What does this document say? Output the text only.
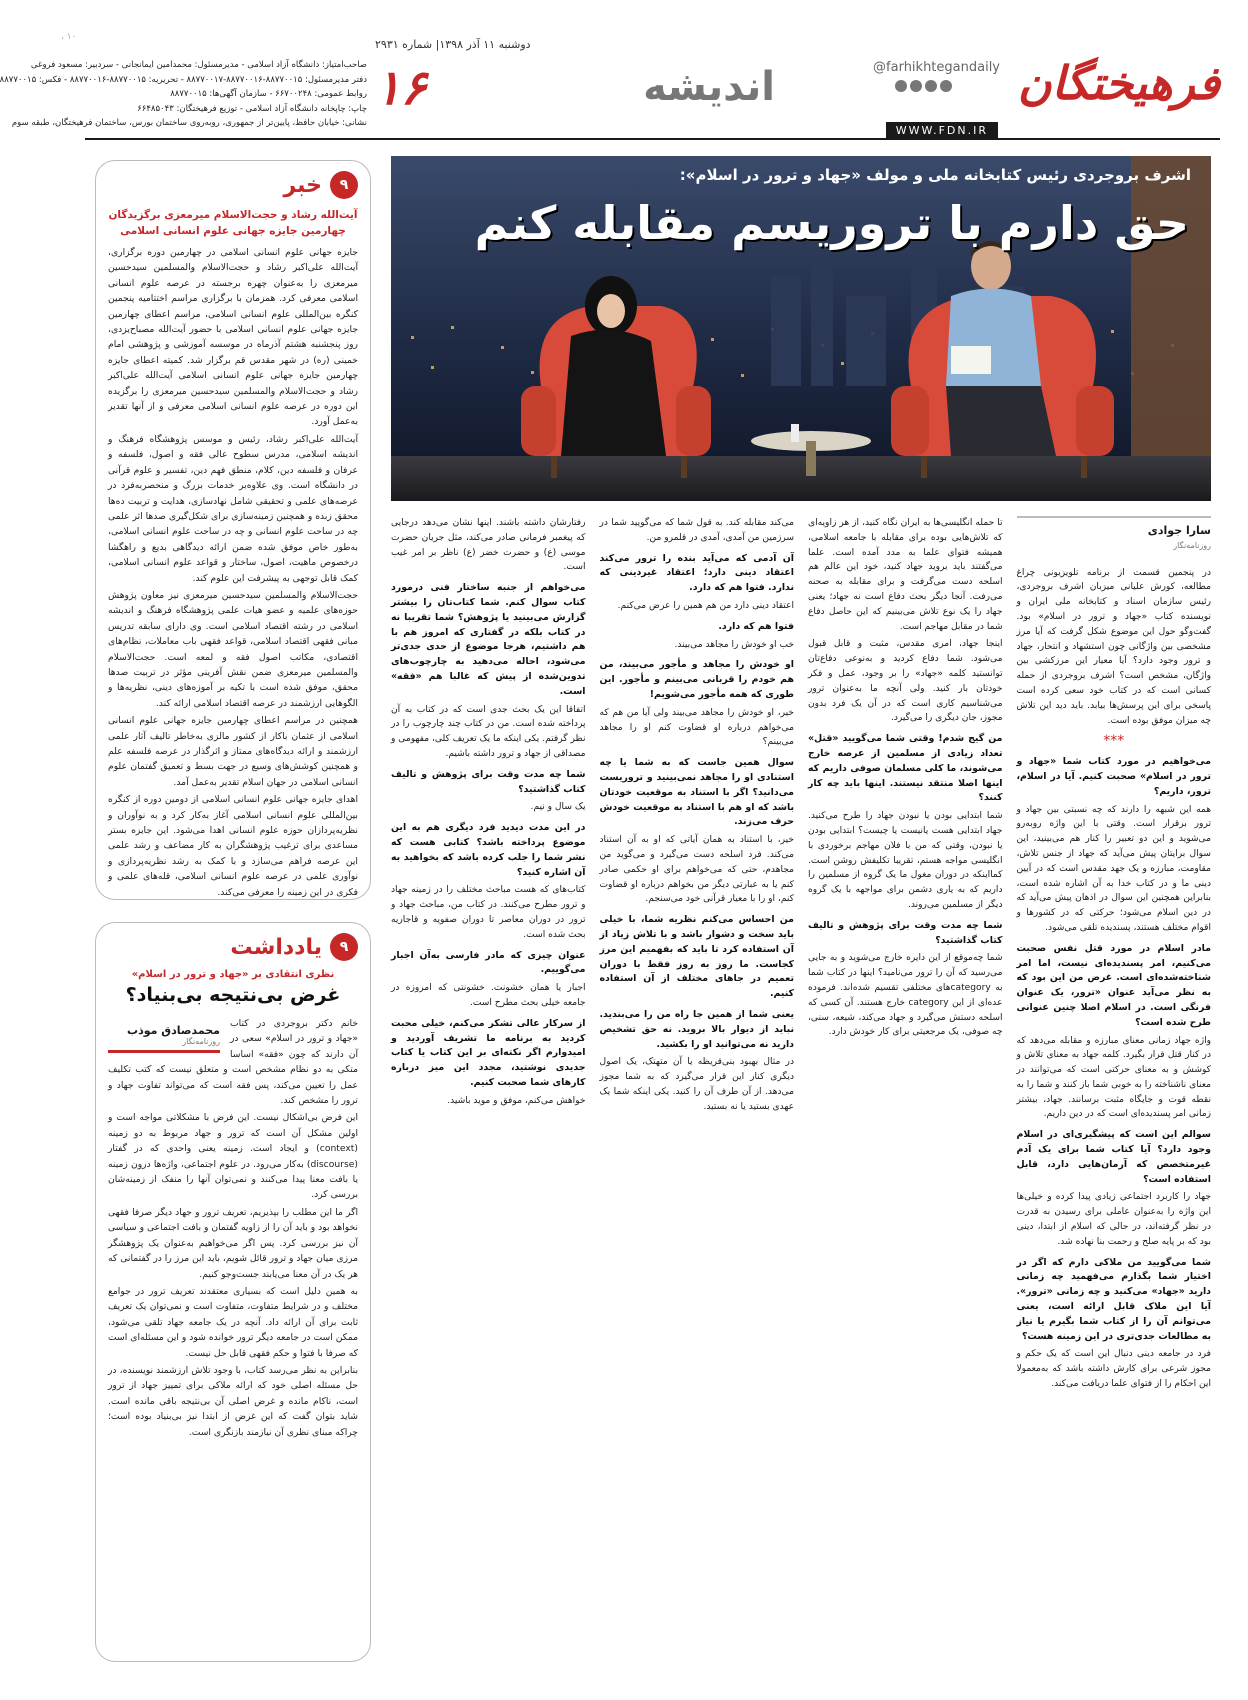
فرهیختگان
@farhikhtegandaily
WWW.FDN.IR
اندیشه
دوشنبه ۱۱ آذر ۱۳۹۸| شماره ۲۹۳۱
۱۶

صاحب‌امتیاز: دانشگاه آزاد اسلامی - مدیرمسئول: محمدامین ایمانجانی - سردبیر: مسعود فروغی

دفتر مدیرمسئول: ۸۸۷۷۰۰۱۵-۸۸۷۷۰۰۱۶-۸۸۷۷۰۰۱۷ - تحریریه: ۸۸۷۷۰۰۱۵-۸۸۷۷۰۰۱۶ - فکس: ۸۸۷۷۰۰۱۵

روابط عمومی: ۶۶۷۰۰۲۴۸ - سازمان آگهی‌ها: ۸۸۷۷۰۰۱۵

چاپ: چاپخانه دانشگاه آزاد اسلامی - توزیع فرهیختگان: ۶۶۴۸۵۰۴۳

نشانی: خیابان حافظ، پایین‌تر از جمهوری، روبه‌روی ساختمان بورس، ساختمان فرهیختگان، طبقه سوم

۱۰ ،
۹
خبر
آیت‌الله رشاد و حجت‌الاسلام میرمعزی برگزیدگان چهارمین جایزه جهانی علوم انسانی اسلامی

جایزه جهانی علوم انسانی اسلامی در چهارمین دوره برگزاری، آیت‌الله علی‌اکبر رشاد و حجت‌الاسلام والمسلمین سیدحسین میرمعزی را به‌عنوان چهره برجسته در عرصه علوم انسانی اسلامی معرفی کرد. همزمان با برگزاری مراسم اختتامیه پنجمین کنگره بین‌المللی علوم انسانی اسلامی، مراسم اعطای چهارمین جایزه جهانی علوم انسانی اسلامی با حضور آیت‌الله مصباح‌یزدی، روز پنجشنبه هشتم آذرماه در موسسه آموزشی و پژوهشی امام خمینی (ره) در شهر مقدس قم برگزار شد. کمیته اعطای جایزه چهارمین جایزه جهانی علوم انسانی اسلامی آیت‌الله علی‌اکبر رشاد و حجت‌الاسلام والمسلمین سیدحسین میرمعزی را برگزیده این دوره در عرصه علوم انسانی اسلامی معرفی و از آنها تقدیر به‌عمل آورد.

آیت‌الله علی‌اکبر رشاد، رئیس و موسس پژوهشگاه فرهنگ و اندیشه اسلامی، مدرس سطوح عالی فقه و اصول، فلسفه و عرفان و فلسفه دین، کلام، منطق فهم دین، تفسیر و علوم قرآنی در دانشگاه است. وی علاوه‌بر خدمات بزرگ و منحصربه‌فرد در عرصه‌های علمی و تحقیقی شامل نهادسازی، هدایت و تربیت ده‌ها محقق زبده و همچنین زمینه‌سازی برای شکل‌گیری صدها اثر علمی چه در ساحت علوم انسانی و چه در ساحت علوم انسانی اسلامی، به‌طور خاص موفق شده ضمن ارائه دیدگاهی بدیع و راهگشا درخصوص ماهیت، اصول، ساختار و قواعد علوم انسانی اسلامی، کمک قابل توجهی به پیشرفت این علوم کند.

حجت‌الاسلام والمسلمین سیدحسین میرمعزی نیز معاون پژوهش حوزه‌های علمیه و عضو هیات علمی پژوهشگاه فرهنگ و اندیشه اسلامی در رشته اقتصاد اسلامی است. وی دارای سابقه تدریس مبانی فقهی اقتصاد اسلامی، قواعد فقهی باب معاملات، نظام‌های اقتصادی، مکاتب اصول فقه و لمعه است. حجت‌الاسلام والمسلمین میرمعزی ضمن نقش آفرینی مؤثر در تربیت صدها محقق، موفق شده است با تکیه بر آموزه‌های دینی، نظریه‌ها و الگوهایی ارزشمند در عرصه اقتصاد اسلامی ارائه کند.

همچنین در مراسم اعطای چهارمین جایزه جهانی علوم انسانی اسلامی از عثمان باکار از کشور مالزی به‌خاطر تالیف آثار علمی ارزشمند و ارائه دیدگاه‌های ممتاز و اثرگذار در عرصه فلسفه علم و همچنین کوشش‌های وسیع در جهت بسط و تعمیق گفتمان علوم انسانی اسلامی در جهان اسلام تقدیر به‌عمل آمد.

اهدای جایزه جهانی علوم انسانی اسلامی از دومین دوره از کنگره بین‌المللی علوم انسانی اسلامی آغاز به‌کار کرد و به نوآوران و نظریه‌پردازان حوزه علوم انسانی اهدا می‌شود. این جایزه بستر مساعدی برای ترغیب پژوهشگران به کار مضاعف و رشد علمی این عرصه فراهم می‌سازد و با کمک به رشد نظریه‌پردازی و نوآوری علمی در عرصه علوم انسانی اسلامی، قله‌های علمی و فکری در این زمینه را معرفی می‌کند.

۹
یادداشت
نظری انتقادی بر «جهاد و ترور در اسلام»
غرض بی‌نتیجه بی‌بنیاد؟
محمدصادق موذب
روزنامه‌نگار

خانم دکتر بروجردی در کتاب «جهاد و ترور در اسلام» سعی در آن‌ دارند که چون «فقه» اساسا متکی به دو نظام مشخص است و متعلق نیست که کتب تکلیف عمل را تعیین می‌کند، پس فقه است که می‌تواند تفاوت جهاد و ترور را مشخص کند.

این فرض بی‌اشکال نیست. این فرض با مشکلاتی مواجه است و اولین مشکل آن است که ترور و جهاد مربوط به دو زمینه (context) و ایجاد است. زمینه یعنی واحدی که در گفتار (discourse) به‌کار می‌رود. در علوم اجتماعی، واژه‌ها درون زمینه یا بافت معنا پیدا می‌کنند و نمی‌توان آنها را منفک از زمینه‌شان بررسی کرد.

اگر ما این مطلب را بپذیریم، تعریف ترور و جهاد دیگر صرفا فقهی نخواهد بود و باید آن را از زاویه گفتمان و بافت اجتماعی و سیاسی آن نیز بررسی کرد. پس اگر می‌خواهیم به‌عنوان یک پژوهشگر مرزی میان جهاد و ترور قائل شویم، باید این مرز را در گفتمانی که هر یک در آن معنا می‌یابند جست‌وجو کنیم.

به همین دلیل است که بسیاری معتقدند تعریف ترور در جوامع مختلف و در شرایط متفاوت، متفاوت است و نمی‌توان یک تعریف ثابت برای آن ارائه داد. آنچه در یک جامعه جهاد تلقی می‌شود، ممکن است در جامعه دیگر ترور خوانده شود و این مسئله‌ای است که صرفا با فتوا و حکم فقهی قابل حل نیست.

بنابراین به نظر می‌رسد کتاب، با وجود تلاش ارزشمند نویسنده، در حل مسئله اصلی خود که ارائه ملاکی برای تمییز جهاد از ترور است، ناکام مانده و غرض اصلی آن بی‌نتیجه باقی مانده است. شاید بتوان گفت که این غرض از ابتدا نیز بی‌بنیاد بوده است؛ چراکه مبنای نظری آن نیازمند بازنگری است.

اشرف بروجردی رئیس کتابخانه ملی و مولف «جهاد و ترور در اسلام»:
حق دارم با تروریسم مقابله کنم
سارا جوادی
روزنامه‌نگار

در پنجمین قسمت از برنامه تلویزیونی چراغ مطالعه، کورش علیانی میزبان اشرف بروجردی، رئیس سازمان اسناد و کتابخانه ملی ایران و نویسنده کتاب «جهاد و ترور در اسلام» بود. گفت‌وگو حول این موضوع شکل گرفت که آیا مرز مشخصی بین واژگانی چون استشهاد و انتحار، جهاد و ترور وجود دارد؟ آیا معیار این مرزکشی بین واژگان، مشخص است؟ اشرف بروجردی از حمله کسانی است که در کتاب خود سعی کرده است پاسخی برای این پرسش‌ها بیابد. باید دید این تلاش چه میزان موفق بوده است.

***

می‌خواهیم در مورد کتاب شما «جهاد و ترور در اسلام» صحبت کنیم. آیا در اسلام، ترور، داریم؟

همه این شبهه را دارند که چه نسبتی بین جهاد و ترور برقرار است. وقتی با این واژه روبه‌رو می‌شوید و این دو تعبیر را کنار هم می‌بینید، این سوال برایتان پیش می‌آید که جهاد از جنس تلاش، مقاومت، مبارزه و یک جهد مقدس است که در آیین دینی ما و در کتاب خدا به آن اشاره شده است، بنابراین همچنین این سوال در اذهان پیش می‌آید که در دین اسلام می‌شود؛ حرکتی که در کشورها و اقوام مختلف هستند، پسندیده تلقی می‌شود.

مادر اسلام در مورد قتل نفس صحبت می‌کنیم، امر پسندیده‌ای نیست، اما امر شناخته‌شده‌ای است. غرض من این بود که به نظر می‌آید عنوان «ترور، یک عنوان فرنگی است. در اسلام اصلا چنین عنوانی طرح شده است؟

واژه جهاد زمانی معنای مبارزه و مقابله می‌دهد که در کنار قتل قرار بگیرد. کلمه جهاد به معنای تلاش و کوشش و به معنای حرکتی است که می‌توانند در معنای ناشناخته را به خوبی شما باز کنند و شما را به نقطه قوت و جایگاه مثبت برسانند. جهاد، بیشتر زمانی امر پسندیده‌ای است که در دین داریم.

سوالم این است که پیشگیری‌ای در اسلام وجود دارد؟ آیا کتاب شما برای یک آدم غیرمتخصص که آرمان‌هایی دارد، قابل استفاده است؟

جهاد را کاربرد اجتماعی زیادی پیدا کرده و خیلی‌ها این واژه را به‌عنوان عاملی برای رسیدن به قدرت در نظر گرفته‌اند، در حالی که اسلام از ابتدا، دینی بود که بر پایه صلح و رحمت بنا نهاده شد.

شما می‌گویید من ملاکی دارم که اگر در اختیار شما بگذارم می‌فهمید چه زمانی دارید «جهاد» می‌کنید و چه زمانی «ترور». آیا این ملاک قابل ارائه است، یعنی می‌توانم آن را از کتاب شما بگیرم یا نیاز به مطالعات جدی‌تری در این زمینه هست؟

فرد در جامعه دینی دنبال این است که یک حکم و مجوز شرعی برای کارش داشته باشد که به‌معمولا این احکام را از فتوای علما دریافت می‌کند.

تا حمله انگلیسی‌ها به ایران نگاه کنید، از هر زاویه‌ای که تلاش‌هایی بوده برای مقابله با جامعه اسلامی، همیشه فتوای علما به مدد آمده است. علما می‌گفتند باید بروید جهاد کنید، خود این عالم هم اسلحه دست می‌گرفت و برای مقابله به صحنه می‌رفت. آنجا دیگر بحث دفاع است نه جهاد؛ یعنی جهاد را یک نوع تلاش می‌بینیم که این حاصل دفاع شما در مقابل مهاجم است.

اینجا جهاد، امری مقدس، مثبت و قابل قبول می‌شود. شما دفاع کردید و به‌نوعی دفاع‌تان توانستید کلمه «جهاد» را بر وجود، عمل و فکر خودتان بار کنید. ولی آنچه ما به‌عنوان ترور می‌شناسیم کاری است که در آن یک فرد بدون مجوز، جان دیگری را می‌گیرد.

من گیج شدم! وقتی شما می‌گویید «قتل» تعداد زیادی از مسلمین از عرصه خارج می‌شوند، ما کلی مسلمان صوفی داریم که اینها اصلا منتقد نیستند. اینها باید چه کار کنند؟

شما ابتدایی بودن یا نبودن جهاد را طرح می‌کنید. جهاد ابتدایی هست یانیست یا چیست؟ ابتدایی بودن یا نبودن، وقتی که من با فلان مهاجم برخوردی با انگلیسی مواجه هستم، تقریبا تکلیفش روشن است. کما‌اینکه در دوران مغول ما یک گروه از مسلمین را داریم که به یاری دشمن برای مواجهه با یک گروه دیگر از مسلمین می‌روند.

شما چه مدت وقت برای پژوهش و تالیف کتاب گذاشتید؟

شما چه‌موقع از این دایره خارج می‌شوید و به جایی می‌رسید که آن را ترور می‌نامید؟ اینها در کتاب شما به category‌های مختلفی تقسیم شده‌اند. فرموده عده‌ای از این category خارج هستند. آن کسی که اسلحه دستش می‌گیرد و جهاد می‌کند، شیعه، سنی، چه صوفی، یک مرجعیتی برای کار خودش دارد.

می‌کند مقابله کند. به قول شما که می‌گویید شما در سرزمین من آمدی، آمدی در قلمرو من.

آن آدمی که می‌آید بنده را ترور می‌کند اعتقاد دینی دارد؛ اعتقاد غیردینی که ندارد. فتوا هم که دارد.

اعتقاد دینی دارد من هم همین را عرض می‌کنم.

فتوا هم که دارد.

خب او خودش را مجاهد می‌بیند.

او خودش را مجاهد و مأجور می‌بیند، من هم خودم را قربانی می‌بینم و مأجور. این طوری که همه مأجور می‌شویم!

خیر، او خودش را مجاهد می‌بیند ولی آیا من هم که می‌خواهم درباره او قضاوت کنم او را مجاهد می‌بینم؟

سوال همین جاست که به شما یا چه استنادی او را مجاهد نمی‌بینید و تروریست می‌دانید؟ اگر با استناد به موقعیت خودتان باشد که او هم با استناد به موقعیت خودش حرف می‌زند.

خیر، با استناد به همان آیاتی که او به آن استناد می‌کند. فرد اسلحه دست می‌گیرد و می‌گوید من مجاهدم، حتی که می‌خواهم برای او حکمی صادر کنم یا به عبارتی دیگر من بخواهم درباره او قضاوت کنم، او را با معیار قرآنی خود می‌سنجم.

من احساس می‌کنم نظریه شما، با خیلی باید سخت و دشوار باشد و با تلاش زیاد از آن استفاده کرد تا باید که بفهمیم این مرز کجاست. ما روز به روز فقط با دوران تعمیم در جاهای مختلف از آن استفاده کنیم.

یعنی شما از همین جا راه من را می‌بندید. نباید از دیوار بالا بروید. نه حق تشخیص دارید نه می‌توانید او را بکشید.

در مثال بهبود بنی‌قریظه یا آن متهتک، یک اصول دیگری کنار این قرار می‌گیرد که به شما مجوز می‌دهد. از آن طرف آن را کنید. یکی اینکه شما یک عهدی بستید یا نه بستید.

رفتارشان داشته باشند. اینها نشان می‌دهد درجایی که پیغمبر فرمانی صادر می‌کند، مثل جریان حضرت موسی (ع) و حضرت خضر (ع) ناظر بر امر غیب است.

می‌خواهم از جنبه ساختار فنی درمورد کتاب سوال کنم. شما کتاب‌تان را بیشتر گزارش می‌بینید یا پژوهش؟ شما تقریبا نه در کتاب بلکه در گفتاری که امروز هم با هم داشتیم، هرجا موضوع از حدی جدی‌تر می‌شود، احاله می‌دهید به چارچوب‌های تدوین‌شده از پیش که غالبا هم «فقه» است.

اتفاقا این یک بحث جدی است که در کتاب به آن پرداخته شده است. من در کتاب چند چارچوب را در نظر گرفتم. یکی اینکه ما یک تعریف کلی، مفهومی و مصداقی از جهاد و ترور داشته باشیم.

شما چه مدت وقت برای پژوهش و تالیف کتاب گذاشتید؟

یک سال و نیم.

در این مدت دیدید فرد دیگری هم به این موضوع پرداخته باشد؟ کتابی هست که نشر شما را جلب کرده باشد که بخواهید به آن اشاره کنید؟

کتاب‌های که هست مباحث مختلف را در زمینه جهاد و ترور مطرح می‌کنند. در کتاب من، مباحث جهاد و ترور در دوران معاصر تا دوران صفویه و قاجاریه بحث شده است.

عنوان چیزی که مادر فارسی به‌آن اجبار می‌گوییم.

اجبار یا همان خشونت. خشونتی که امروزه در جامعه خیلی بحث مطرح است.

از سرکار عالی تشکر می‌کنم، خیلی محبت کردید به برنامه ما تشریف آوردید و امیدوارم اگر نکته‌ای بر این کتاب یا کتاب جدیدی نوشتید، مجدد این میز درباره کارهای شما صحبت کنیم.

خواهش می‌کنم، موفق و موید باشید.
